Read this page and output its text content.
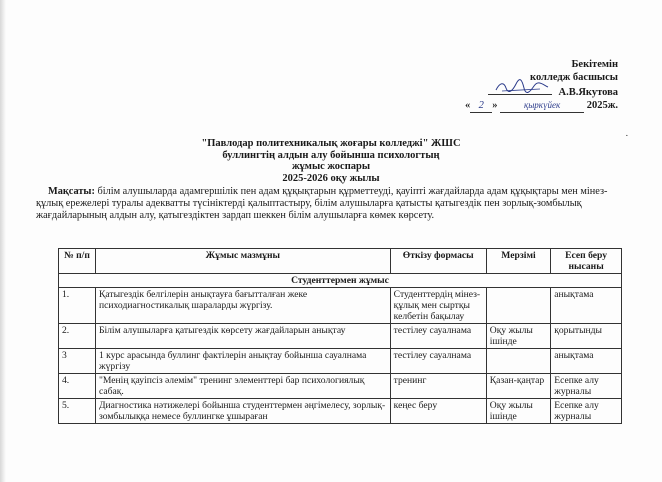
Бекітемін
колледж басшысы
А.В.Якутова
« 2 »	қыркүйек	2025ж.
.
"Павлодар политехникалық жоғары колледжі" ЖШС
буллингтің алдын алу бойынша психологтың
жұмыс жоспары
2025-2026 оқу жылы
Мақсаты: білім алушыларда адамгершілік пен адам құқықтарын құрметтеуді, қауіпті жағдайларда адам құқықтары мен мінез-құлық ережелері туралы адекватты түсініктерді қалыптастыру, білім алушыларға қатысты қатыгездік пен зорлық-зомбылық жағдайларының алдын алу, қатыгездіктен зардап шеккен білім алушыларға көмек көрсету.
№ п/п	Жұмыс мазмұны	Өткізу формасы	Мерзімі	Есеп беру нысаны
Студенттермен жұмыс				
1.	Қатыгездік белгілерін анықтауға бағытталған жеке психодиагностикалық шараларды жүргізу.	Студенттердің мінез-құлық мен сыртқы келбетін бақылау		анықтама
2.	Білім алушыларға қатыгездік көрсету жағдайларын анықтау	тестілеу сауалнама	Оқу жылы ішінде	қорытынды
3	1 курс арасында буллинг фактілерін анықтау бойынша сауалнама жүргізу	тестілеу сауалнама		анықтама
4.	"Менің қауіпсіз әлемім" тренинг элементтері бар психологиялық сабақ.	тренинг	Қазан-қаңтар	Есепке алу журналы
5.	Диагностика нәтижелері бойынша студенттермен әңгімелесу, зорлық-зомбылыққа немесе буллингке ұшыраған	кеңес беру	Оқу жылы ішінде	Есепке алу журналы
